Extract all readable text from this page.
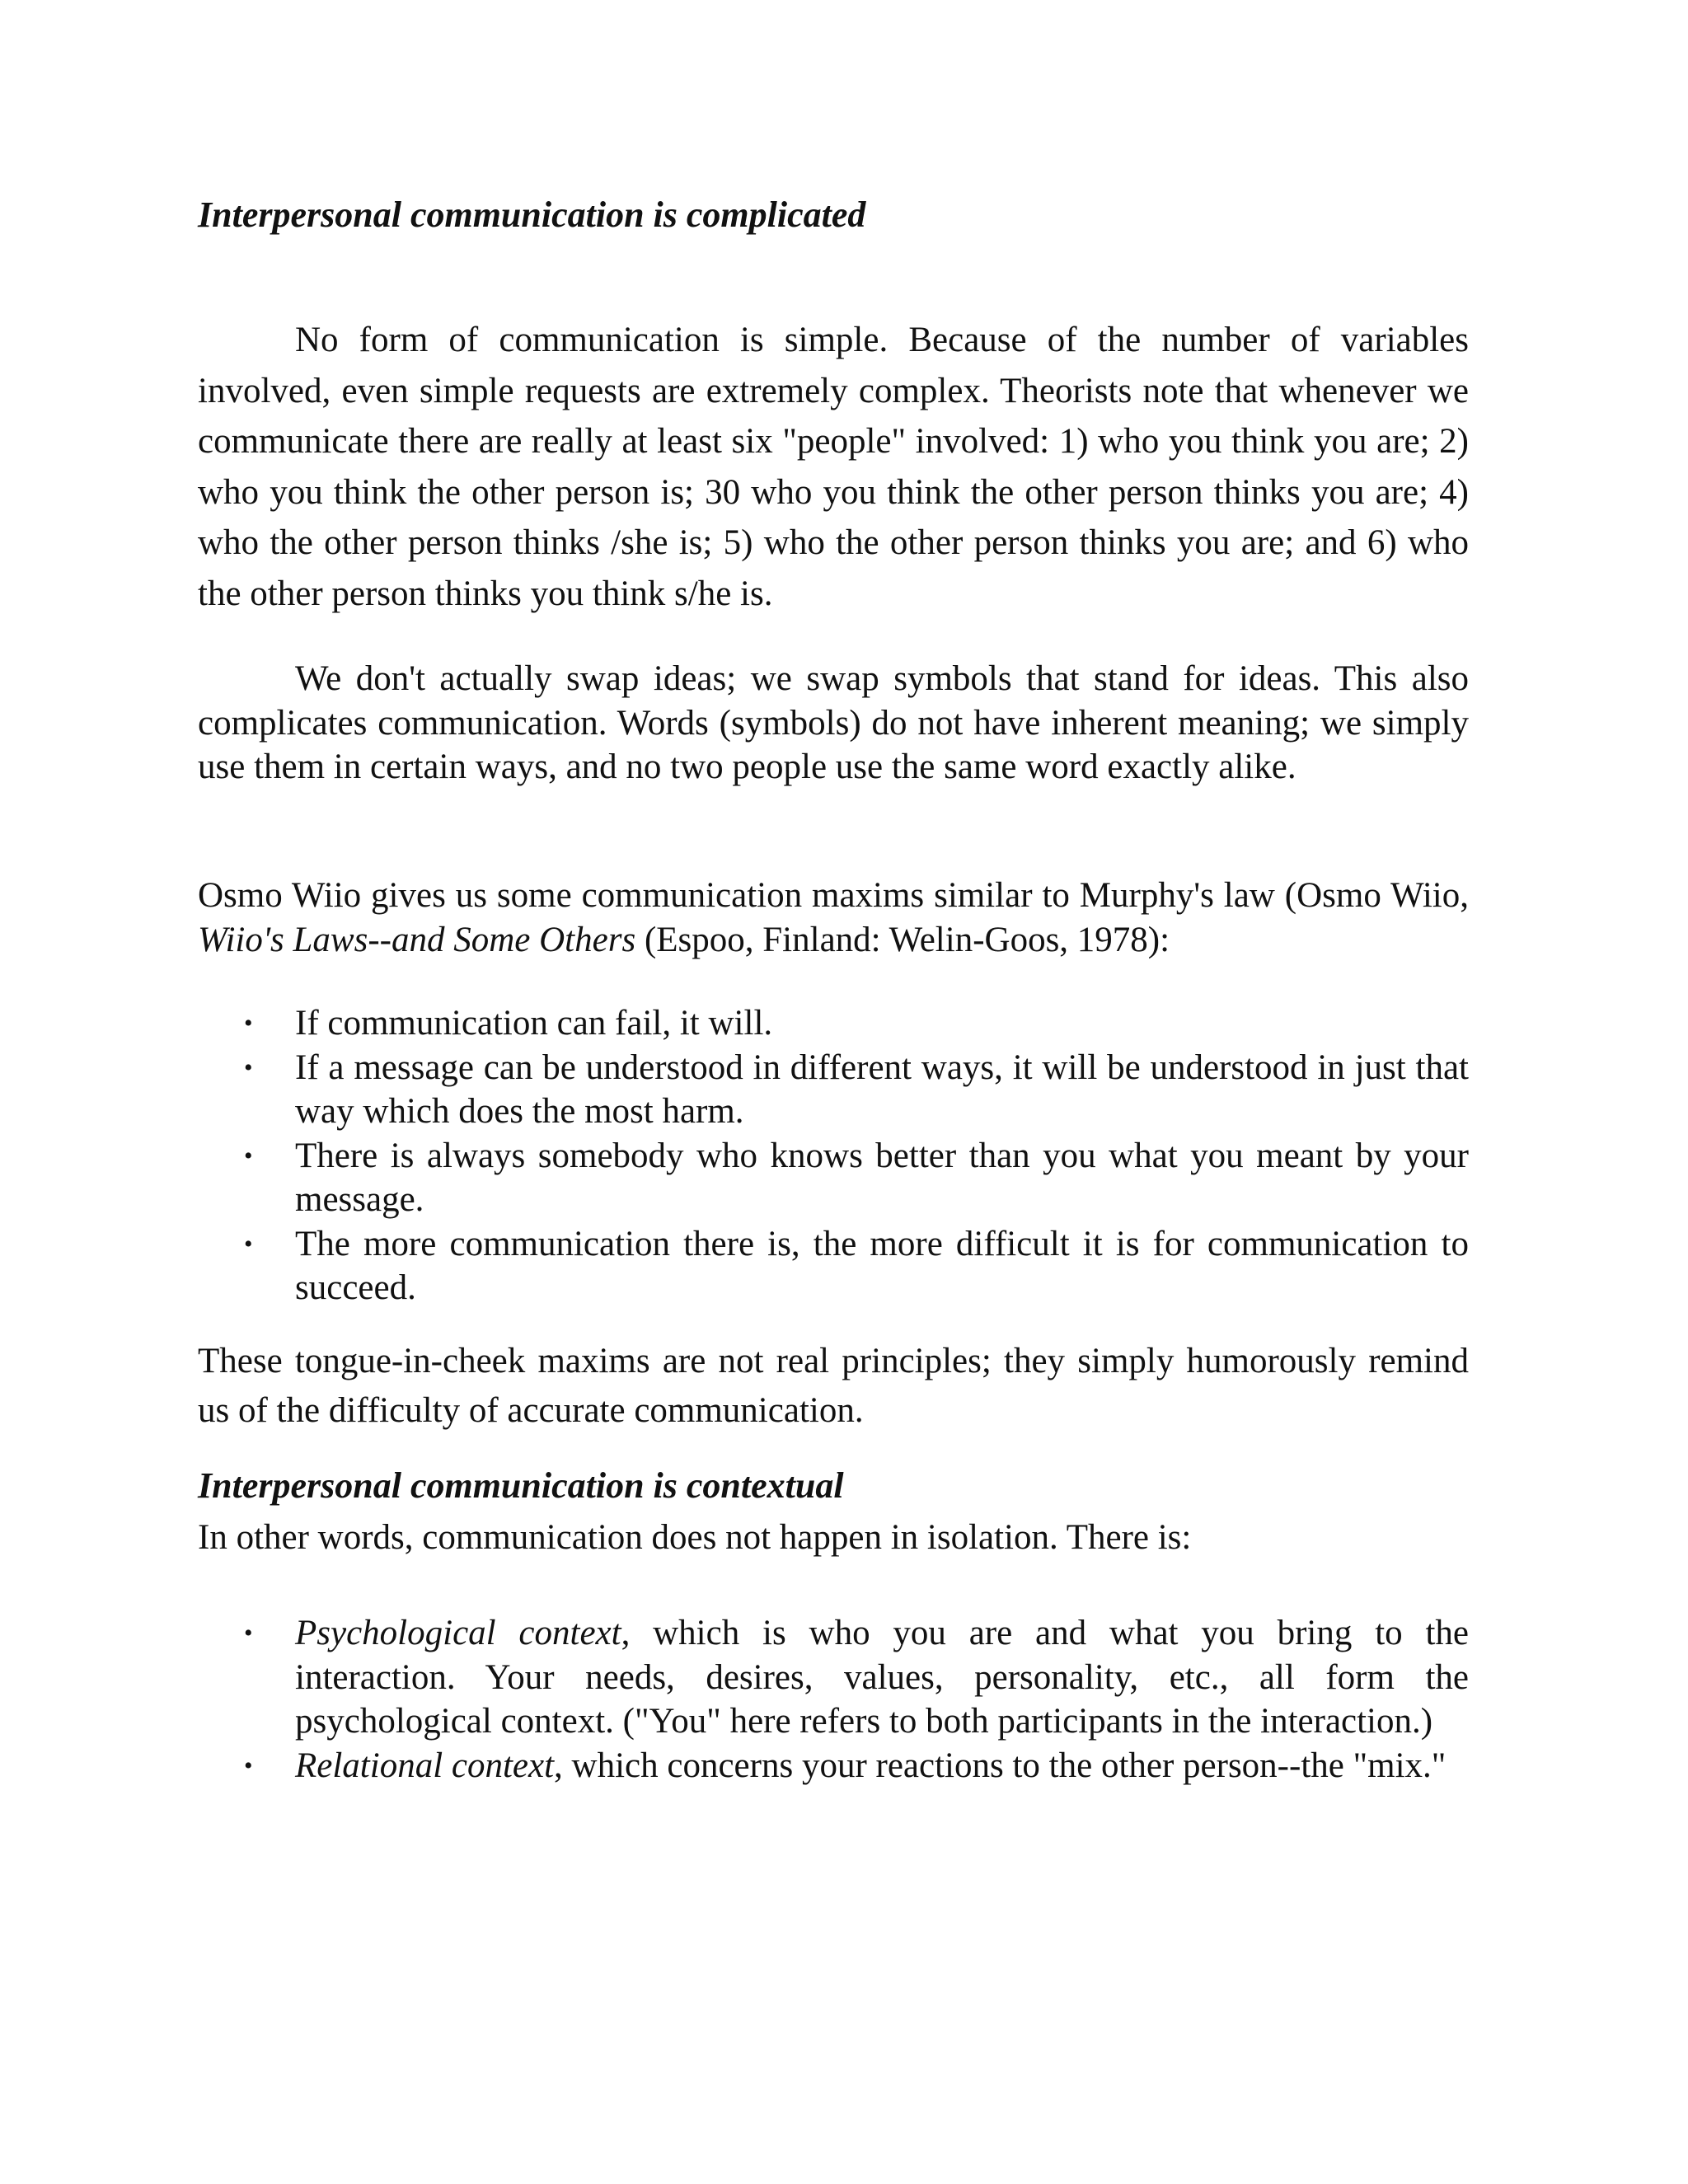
Interpersonal communication is complicated

No form of communication is simple. Because of the number of variables involved, even simple requests are extremely complex. Theorists note that whenever we communicate there are really at least six "people" involved: 1) who you think you are; 2) who you think the other person is; 30 who you think the other person thinks you are; 4) who the other person thinks /she is; 5) who the other person thinks you are; and 6) who the other person thinks you think s/he is.

We don't actually swap ideas; we swap symbols that stand for ideas. This also complicates communication. Words (symbols) do not have inherent meaning; we simply use them in certain ways, and no two people use the same word exactly alike.

Osmo Wiio gives us some communication maxims similar to Murphy's law (Osmo Wiio, Wiio's Laws--and Some Others (Espoo, Finland: Welin-Goos, 1978):

• If communication can fail, it will.
• If a message can be understood in different ways, it will be understood in just that way which does the most harm.
• There is always somebody who knows better than you what you meant by your message.
• The more communication there is, the more difficult it is for communication to succeed.

These tongue-in-cheek maxims are not real principles; they simply humorously remind us of the difficulty of accurate communication.

Interpersonal communication is contextual

In other words, communication does not happen in isolation. There is:

• Psychological context, which is who you are and what you bring to the interaction. Your needs, desires, values, personality, etc., all form the psychological context. ("You" here refers to both participants in the interaction.)
• Relational context, which concerns your reactions to the other person--the "mix."
